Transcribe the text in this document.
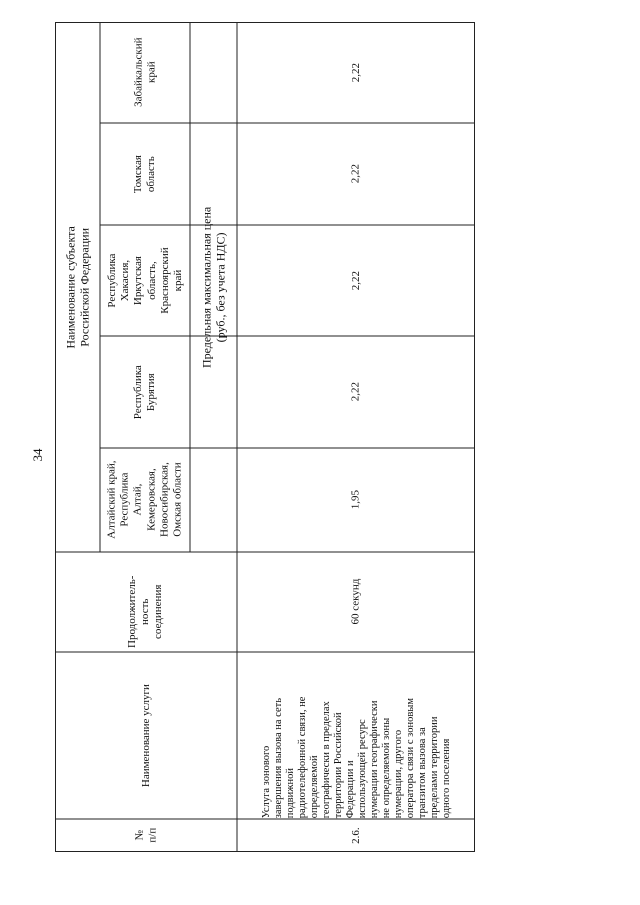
34
№
п/п
Наименование услуги
Продолжитель-
ность
соединения
Наименование субъекта
Российской Федерации
Алтайский край,
Республика
Алтай,
Кемеровская,
Новосибирская,
Омская области
Республика
Бурятия
Республика
Хакасия,
Иркутская
область,
Красноярский
край
Томская
область
Забайкальский
край
Предельная максимальная цена
(руб., без учета НДС)
2.6.
Услуга зонового
завершения вызова на сеть
подвижной
радиотелефонной связи, не
определяемой
географически в пределах
территории Российской
Федерации и
использующей ресурс
нумерации географически
не определяемой зоны
нумерации, другого
оператора связи с зоновым
транзитом вызова за
пределами территории
одного поселения
60 секунд
1,95
2,22
2,22
2,22
2,22
